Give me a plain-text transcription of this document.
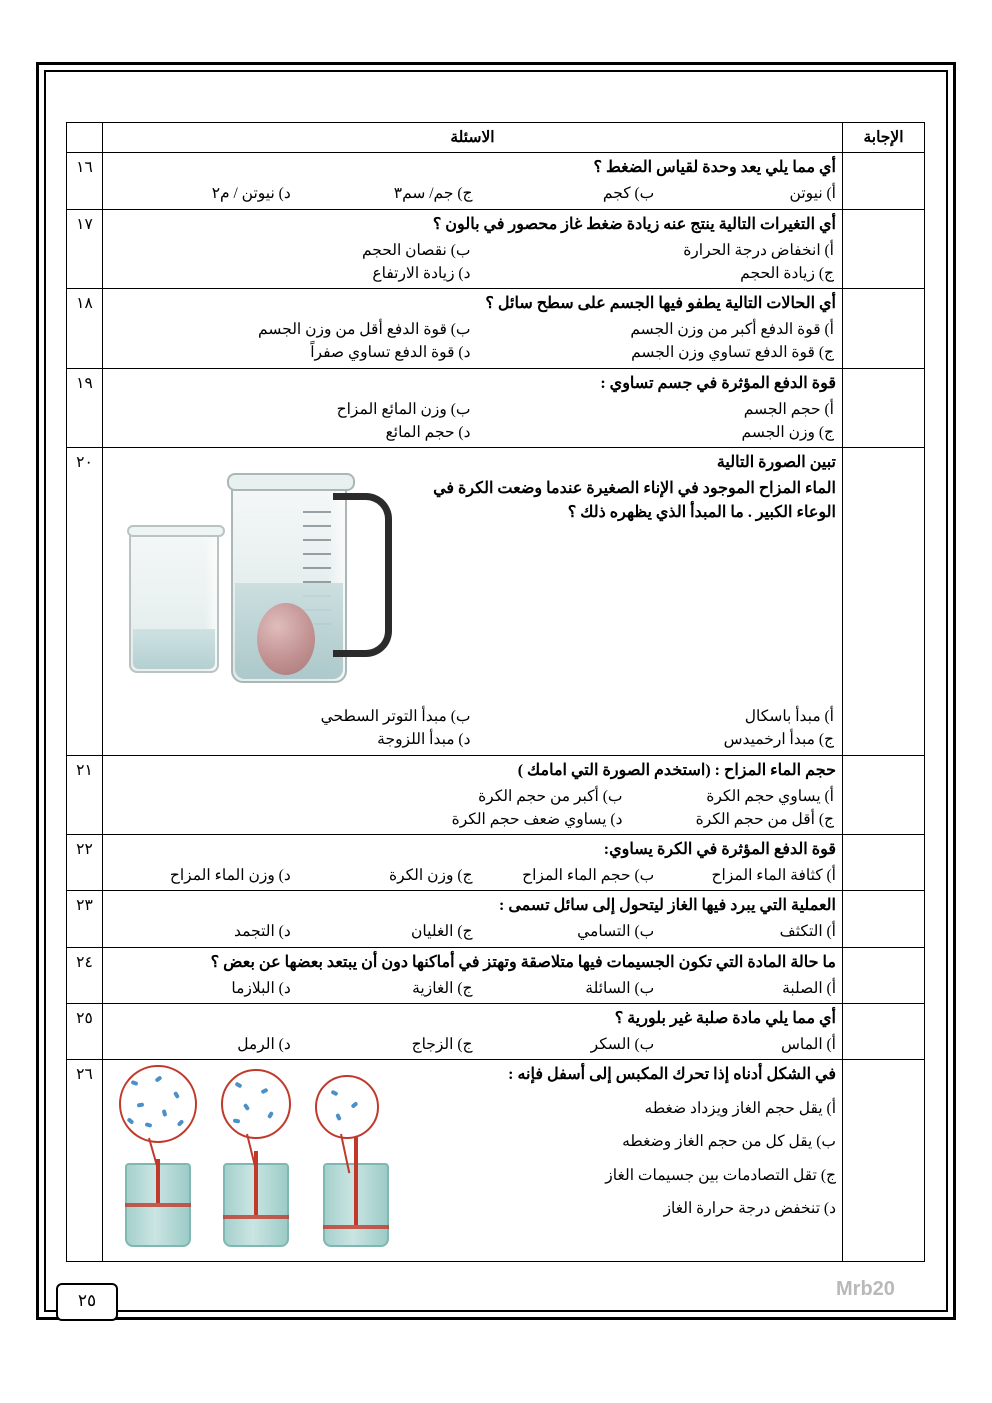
الإجابة	الاسئلة	

	أي مما يلي يعد وحدة لقياس الضغط ؟

أ) نيوتن
ب) كجم
ج) جم/ سم٣
د) نيوتن / م٢	١٦

	أي التغيرات التالية ينتج عنه زيادة ضغط غاز محصور في بالون ؟

أ) انخفاض درجة الحرارة
ب) نقصان الحجم
ج) زيادة الحجم
د) زيادة الارتفاع	١٧

	أي الحالات التالية يطفو فيها الجسم على سطح سائل ؟

أ) قوة الدفع أكبر من وزن الجسم
ب) قوة الدفع أقل من وزن الجسم
ج) قوة الدفع تساوي وزن الجسم
د) قوة الدفع تساوي صفراً	١٨

	قوة الدفع المؤثرة في جسم تساوي :

أ) حجم الجسم
ب) وزن المائع المزاح
ج) وزن الجسم
د) حجم المائع	١٩

تبين الصورة التالية

الماء المزاح الموجود في الإناء الصغيرة عندما وضعت الكرة في الوعاء الكبير . ما المبدأ الذي يظهره ذلك ؟

أ) مبدأ باسكال
ب) مبدأ التوتر السطحي
ج) مبدأ ارخميدس
د) مبدأ اللزوجة
	٢٠

	حجم الماء المزاح : (استخدم الصورة التي امامك )

أ) يساوي حجم الكرة
ب) أكبر من حجم الكرة
ج) أقل من حجم الكرة
د) يساوي ضعف حجم الكرة	٢١

	قوة الدفع المؤثرة في الكرة يساوي:

أ) كثافة الماء المزاح
ب) حجم الماء المزاح
ج) وزن الكرة
د) وزن الماء المزاح	٢٢

	العملية التي يبرد فيها الغاز ليتحول إلى سائل تسمى :

أ) التكثف
ب) التسامي
ج) الغليان
د) التجمد	٢٣

	ما حالة المادة التي تكون الجسيمات فيها متلاصقة وتهتز في أماكنها دون أن يبتعد بعضها عن بعض ؟

أ) الصلبة
ب) السائلة
ج) الغازية
د) البلازما	٢٤

	أي مما يلي مادة صلبة غير بلورية ؟

أ) الماس
ب) السكر
ج) الزجاج
د) الرمل	٢٥

	في الشكل أدناه إذا تحرك المكبس إلى أسفل فإنه :

أ) يقل حجم الغاز ويزداد ضغطه

ب) يقل كل من حجم الغاز وضغطه

ج) تقل التصادمات بين جسيمات الغاز

د) تنخفض درجة حرارة الغاز	٢٦
٢٥
Mrb20
